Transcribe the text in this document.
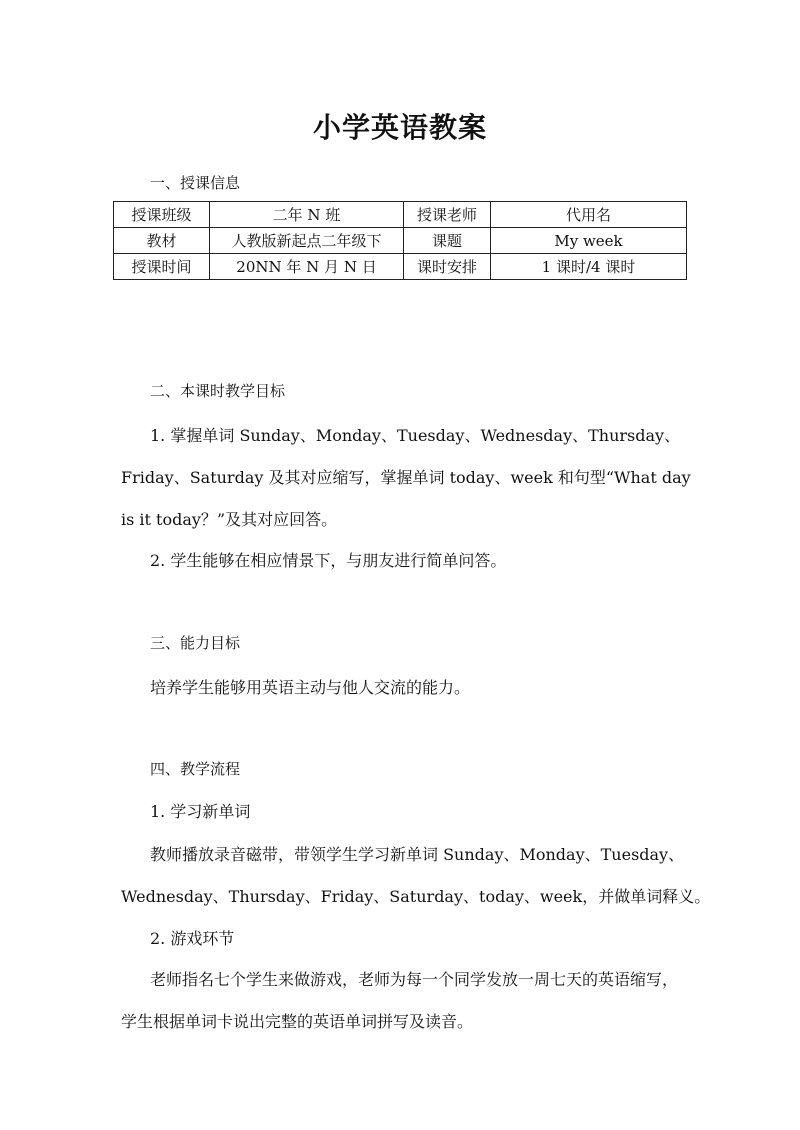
小学英语教案
一、授课信息
授课班级	二年 N 班	授课老师	代用名
教材	人教版新起点二年级下	课题	My week
授课时间	20NN 年 N 月 N 日	课时安排	1 课时/4 课时
二、本课时教学目标
1. 掌握单词 Sunday、Monday、Tuesday、Wednesday、Thursday、
Friday、Saturday 及其对应缩写，掌握单词 today、week 和句型“What day
is it today？”及其对应回答。
2. 学生能够在相应情景下，与朋友进行简单问答。
三、能力目标
培养学生能够用英语主动与他人交流的能力。
四、教学流程
1. 学习新单词
教师播放录音磁带，带领学生学习新单词 Sunday、Monday、Tuesday、
Wednesday、Thursday、Friday、Saturday、today、week，并做单词释义。
2. 游戏环节
老师指名七个学生来做游戏，老师为每一个同学发放一周七天的英语缩写，
学生根据单词卡说出完整的英语单词拼写及读音。
